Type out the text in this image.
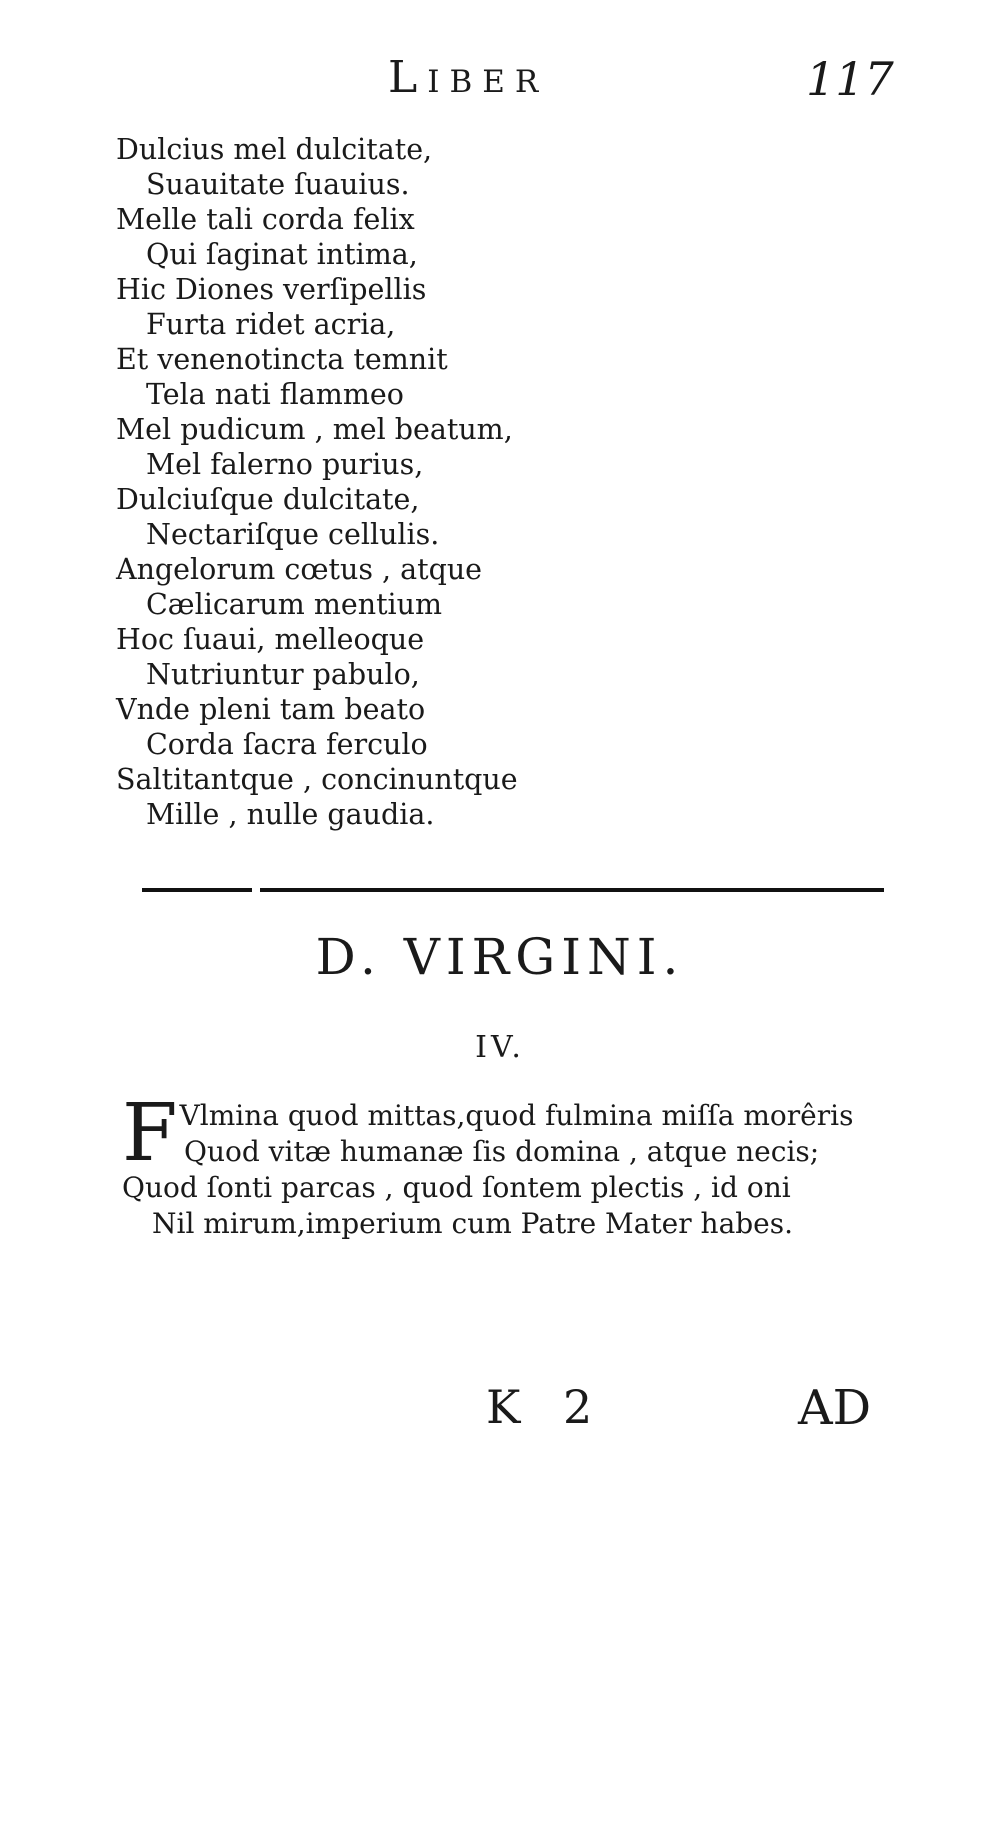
Liber	117
Dulcius mel dulcitate,
Suauitate ſuauius.
Melle tali corda felix
Qui ſaginat intima,
Hic Diones verſipellis
Furta ridet acria,
Et venenotincta temnit
Tela nati flammeo
Mel pudicum , mel beatum,
Mel falerno purius,
Dulciuſque dulcitate,
Nectariſque cellulis.
Angelorum cœtus , atque
Cælicarum mentium
Hoc ſuaui, melleoque
Nutriuntur pabulo,
Vnde pleni tam beato
Corda ſacra ferculo
Saltitantque , concinuntque
Mille , nulle gaudia.
D. VIRGINI.
IV.
F Vlmina quod mittas,quod fulmina miſſa morêris
Quod vitæ humanæ ſis domina , atque necis;
Quod ſonti parcas , quod ſontem plectis , id oni
Nil mirum,imperium cum Patre Mater habes.
K 2	AD
